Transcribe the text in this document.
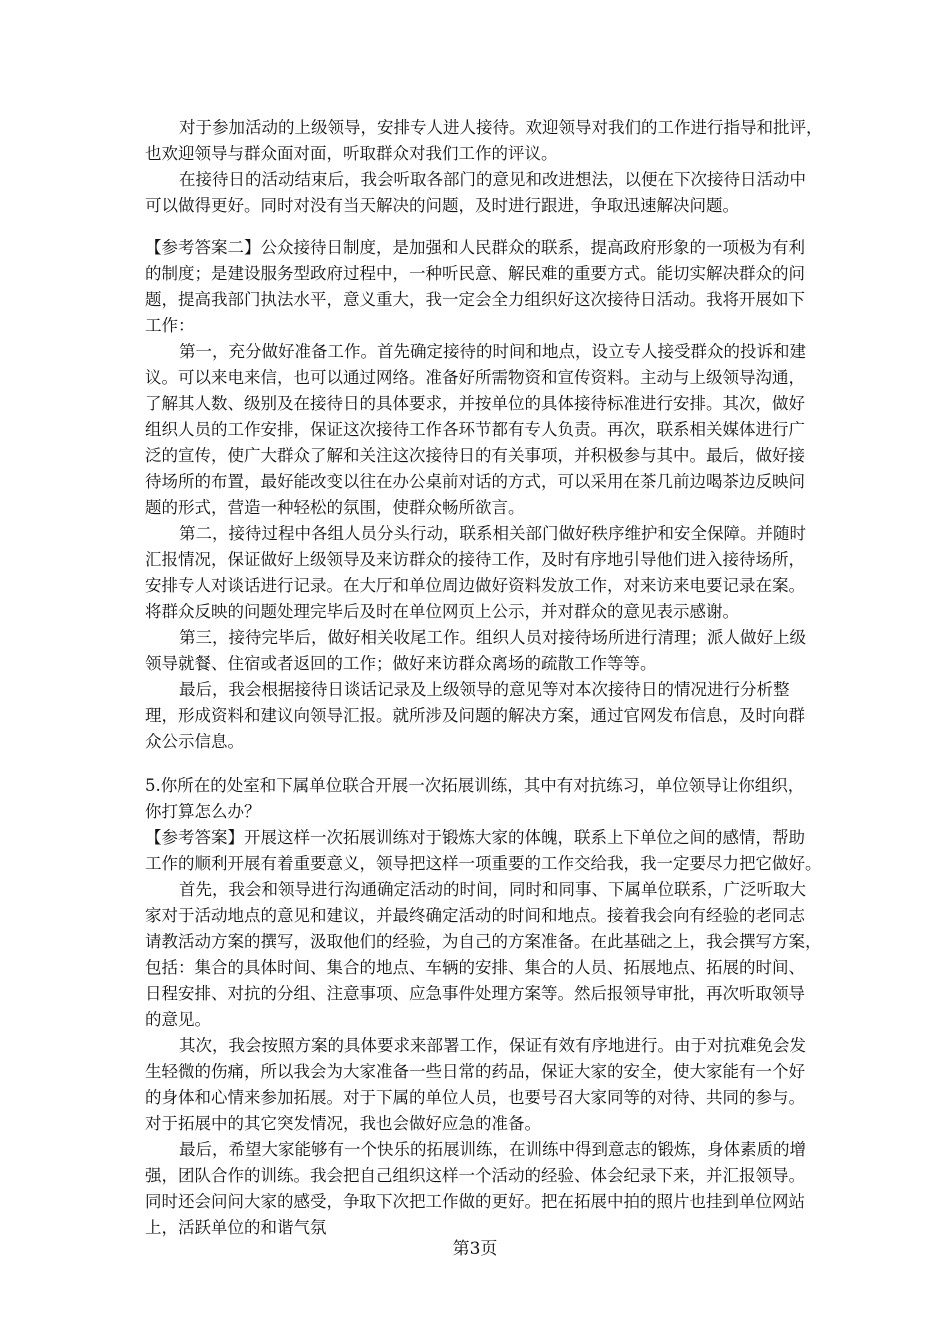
对于参加活动的上级领导，安排专人进人接待。欢迎领导对我们的工作进行指导和批评，
也欢迎领导与群众面对面，听取群众对我们工作的评议。
在接待日的活动结束后，我会听取各部门的意见和改进想法，以便在下次接待日活动中
可以做得更好。同时对没有当天解决的问题，及时进行跟进，争取迅速解决问题。
【参考答案二】公众接待日制度，是加强和人民群众的联系，提高政府形象的一项极为有利
的制度；是建设服务型政府过程中，一种听民意、解民难的重要方式。能切实解决群众的问
题，提高我部门执法水平，意义重大，我一定会全力组织好这次接待日活动。我将开展如下
工作：
第一，充分做好准备工作。首先确定接待的时间和地点，设立专人接受群众的投诉和建
议。可以来电来信，也可以通过网络。准备好所需物资和宣传资料。主动与上级领导沟通，
了解其人数、级别及在接待日的具体要求，并按单位的具体接待标准进行安排。其次，做好
组织人员的工作安排，保证这次接待工作各环节都有专人负责。再次，联系相关媒体进行广
泛的宣传，使广大群众了解和关注这次接待日的有关事项，并积极参与其中。最后，做好接
待场所的布置，最好能改变以往在办公桌前对话的方式，可以采用在茶几前边喝茶边反映问
题的形式，营造一种轻松的氛围，使群众畅所欲言。
第二，接待过程中各组人员分头行动，联系相关部门做好秩序维护和安全保障。并随时
汇报情况，保证做好上级领导及来访群众的接待工作，及时有序地引导他们进入接待场所，
安排专人对谈话进行记录。在大厅和单位周边做好资料发放工作，对来访来电要记录在案。
将群众反映的问题处理完毕后及时在单位网页上公示，并对群众的意见表示感谢。
第三，接待完毕后，做好相关收尾工作。组织人员对接待场所进行清理；派人做好上级
领导就餐、住宿或者返回的工作；做好来访群众离场的疏散工作等等。
最后，我会根据接待日谈话记录及上级领导的意见等对本次接待日的情况进行分析整
理，形成资料和建议向领导汇报。就所涉及问题的解决方案，通过官网发布信息，及时向群
众公示信息。
5.你所在的处室和下属单位联合开展一次拓展训练，其中有对抗练习，单位领导让你组织，
你打算怎么办？
【参考答案】开展这样一次拓展训练对于锻炼大家的体魄，联系上下单位之间的感情，帮助
工作的顺利开展有着重要意义，领导把这样一项重要的工作交给我，我一定要尽力把它做好。
首先，我会和领导进行沟通确定活动的时间，同时和同事、下属单位联系，广泛听取大
家对于活动地点的意见和建议，并最终确定活动的时间和地点。接着我会向有经验的老同志
请教活动方案的撰写，汲取他们的经验，为自己的方案准备。在此基础之上，我会撰写方案，
包括：集合的具体时间、集合的地点、车辆的安排、集合的人员、拓展地点、拓展的时间、
日程安排、对抗的分组、注意事项、应急事件处理方案等。然后报领导审批，再次听取领导
的意见。
其次，我会按照方案的具体要求来部署工作，保证有效有序地进行。由于对抗难免会发
生轻微的伤痛，所以我会为大家准备一些日常的药品，保证大家的安全，使大家能有一个好
的身体和心情来参加拓展。对于下属的单位人员，也要号召大家同等的对待、共同的参与。
对于拓展中的其它突发情况，我也会做好应急的准备。
最后，希望大家能够有一个快乐的拓展训练，在训练中得到意志的锻炼，身体素质的增
强，团队合作的训练。我会把自己组织这样一个活动的经验、体会纪录下来，并汇报领导。
同时还会问问大家的感受，争取下次把工作做的更好。把在拓展中拍的照片也挂到单位网站
上，活跃单位的和谐气氛
第3页
